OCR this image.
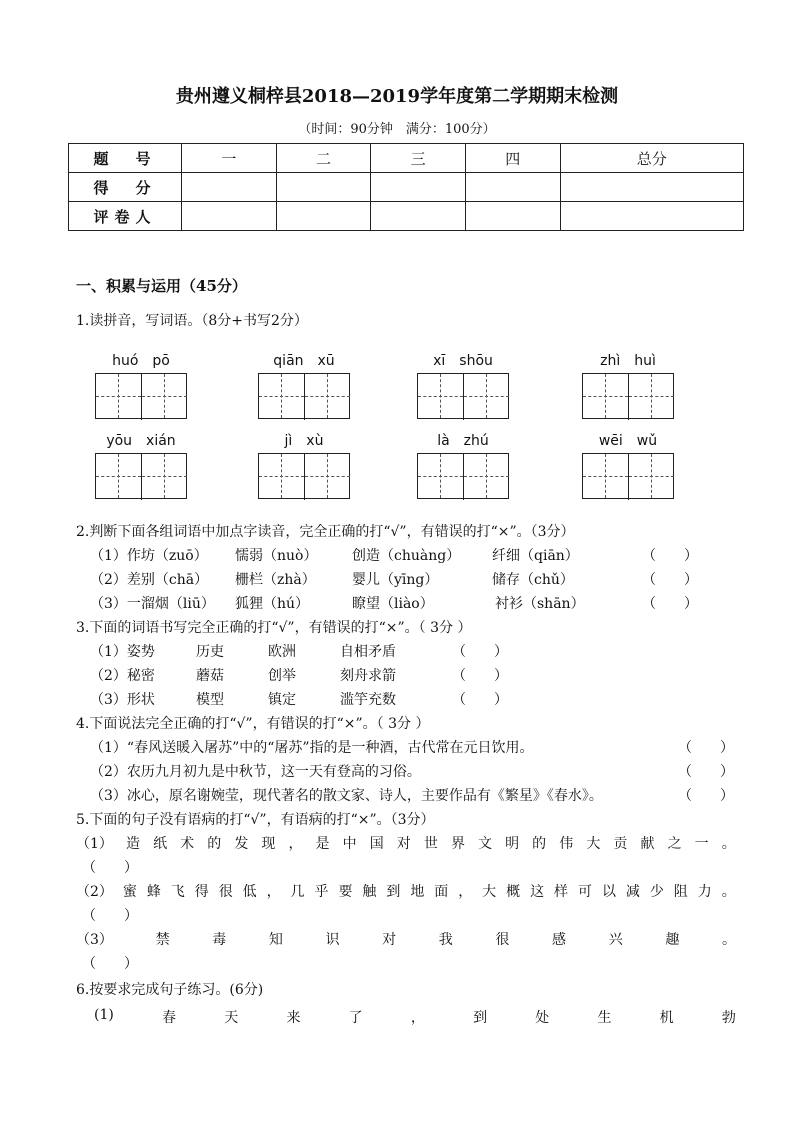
贵州遵义桐梓县2018—2019学年度第二学期期末检测
（时间：90分钟　满分：100分）
题　号	一	二	三	四	总分
得　分					
评卷人					
一、积累与运用（45分）
1.读拼音，写词语。（8分+书写2分）
huó　pō	qiān　xū	xī　shōu	zhì　huì
yōu　xián	jì　xù	là　zhú	wēi　wǔ
2.判断下面各组词语中加点字读音，完全正确的打“√”，有错误的打“×”。（3分）
（1）作坊（zuō） 懦弱（nuò） 创造（chuàng） 纤细（qiān）	（　　）
（2）差别（chā） 栅栏（zhà）	婴儿（yīng）	储存（chǔ）	（　　）
（3）一溜烟（liū） 狐狸（hú）	瞭望（liào）	衬衫（shān）	（　　）
3.下面的词语书写完全正确的打“√”，有错误的打“×”。（ 3分 ）
（1）姿势	历吏	欧洲	自相矛盾	（　　）
（2）秘密	蘑菇	创举	刻舟求箭	（　　）
（3）形状	模型	镇定	滥竽充数	（　　）
4.下面说法完全正确的打“√”，有错误的打“×”。（ 3分 ）
（1）“春风送暖入屠苏”中的“屠苏”指的是一种酒，古代常在元日饮用。	（　　）
（2）农历九月初九是中秋节，这一天有登高的习俗。	（　　）
（3）冰心，原名谢婉莹，现代著名的散文家、诗人，主要作品有《繁星》《春水》。	（　　）
5.下面的句子没有语病的打“√”，有语病的打“×”。（3分）
（1） 造 纸 术 的 发 现 ， 是 中 国 对 世 界 文 明 的 伟 大 贡 献 之 一 。
（　　）
（2） 蜜 蜂 飞 得 很 低 ， 几 乎 要 触 到 地 面 ， 大 概 这 样 可 以 减 少 阻 力 。
（　　）
（3）	禁	毒	知	识	对	我	很	感	兴	趣	。
（　　）
6.按要求完成句子练习。(6分)
(1)	春	天	来	了	，	到	处	生	机	勃
